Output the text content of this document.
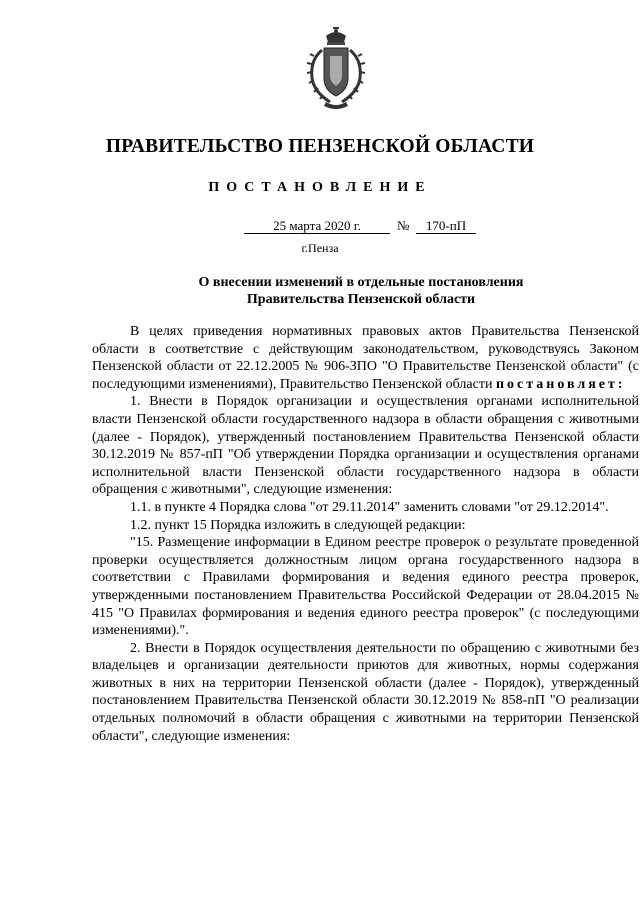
ПРАВИТЕЛЬСТВО ПЕНЗЕНСКОЙ ОБЛАСТИ
ПОСТАНОВЛЕНИЕ
25 марта 2020 г.	№	170-пП
г.Пенза
О внесении изменений в отдельные постановления
Правительства Пензенской области

В целях приведения нормативных правовых актов Правительства Пензенской области в соответствие с действующим законодательством, руководствуясь Законом Пензенской области от 22.12.2005 № 906-ЗПО "О Правительстве Пензенской области" (с последующими изменениями), Правительство Пензенской области постановляет:

1. Внести в Порядок организации и осуществления органами исполнительной власти Пензенской области государственного надзора в области обращения с животными (далее - Порядок), утвержденный постановлением Правительства Пензенской области 30.12.2019 № 857-пП "Об утверждении Порядка организации и осуществления органами исполнительной власти Пензенской области государственного надзора в области обращения с животными", следующие изменения:

1.1. в пункте 4 Порядка слова "от 29.11.2014" заменить словами "от 29.12.2014".

1.2. пункт 15 Порядка изложить в следующей редакции:

"15. Размещение информации в Едином реестре проверок о результате проведенной проверки осуществляется должностным лицом органа государственного надзора в соответствии с Правилами формирования и ведения единого реестра проверок, утвержденными постановлением Правительства Российской Федерации от 28.04.2015 № 415 "О Правилах формирования и ведения единого реестра проверок" (с последующими изменениями).".

2. Внести в Порядок осуществления деятельности по обращению с животными без владельцев и организации деятельности приютов для животных, нормы содержания животных в них на территории Пензенской области (далее - Порядок), утвержденный постановлением Правительства Пензенской области 30.12.2019 № 858-пП "О реализации отдельных полномочий в области обращения с животными на территории Пензенской области", следующие изменения:
